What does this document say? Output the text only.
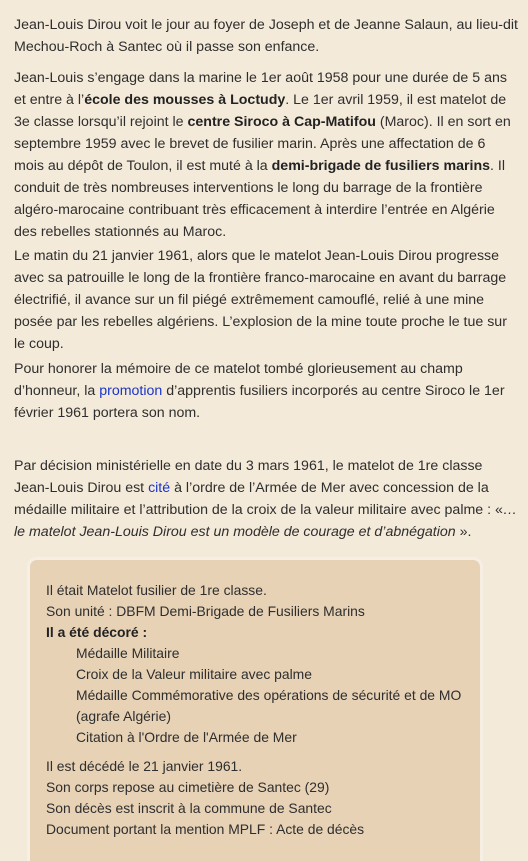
Jean-Louis Dirou voit le jour au foyer de Joseph et de Jeanne Salaun, au lieu-dit Mechou-Roch à Santec où il passe son enfance.

Jean-Louis s’engage dans la marine le 1er août 1958 pour une durée de 5 ans et entre à l’école des mousses à Loctudy. Le 1er avril 1959, il est matelot de 3e classe lorsqu’il rejoint le centre Siroco à Cap-Matifou (Maroc). Il en sort en septembre 1959 avec le brevet de fusilier marin. Après une affectation de 6 mois au dépôt de Toulon, il est muté à la demi-brigade de fusiliers marins. Il conduit de très nombreuses interventions le long du barrage de la frontière algéro-marocaine contribuant très efficacement à interdire l’entrée en Algérie des rebelles stationnés au Maroc.

Le matin du 21 janvier 1961, alors que le matelot Jean-Louis Dirou progresse avec sa patrouille le long de la frontière franco-marocaine en avant du barrage électrifié, il avance sur un fil piégé extrêmement camouflé, relié à une mine posée par les rebelles algériens. L’explosion de la mine toute proche le tue sur le coup.

Pour honorer la mémoire de ce matelot tombé glorieusement au champ d’honneur, la promotion d’apprentis fusiliers incorporés au centre Siroco le 1er février 1961 portera son nom.

Par décision ministérielle en date du 3 mars 1961, le matelot de 1re classe Jean-Louis Dirou est cité à l’ordre de l’Armée de Mer avec concession de la médaille militaire et l’attribution de la croix de la valeur militaire avec palme : «… le matelot Jean-Louis Dirou est un modèle de courage et d’abnégation ».

Il était Matelot fusilier de 1re classe.
Son unité : DBFM Demi-Brigade de Fusiliers Marins
Il a été décoré :
Médaille Militaire
Croix de la Valeur militaire avec palme
Médaille Commémorative des opérations de sécurité et de MO (agrafe Algérie)
Citation à l'Ordre de l'Armée de Mer
Il est décédé le 21 janvier 1961.
Son corps repose au cimetière de Santec (29)
Son décès est inscrit à la commune de Santec
Document portant la mention MPLF : Acte de décès
